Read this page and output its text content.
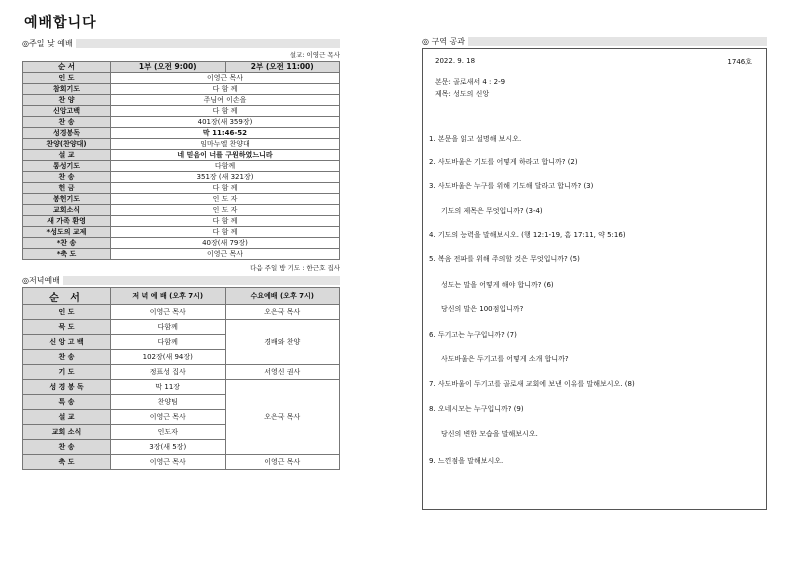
예배합니다
◎주일 낮 예배
설교: 이영근 목사
순 서	1부 (오전 9:00)	2부 (오전 11:00)
인 도	이영근 목사	
참회기도	다 함 께	
찬 양	주님여 이손을	
신앙고백	다 함 께	
찬 송	401장(새 359장)	
성경봉독	막 11:46-52	
찬양(찬양대)	임마누엘 찬양대	
설 교	네 믿음이 너를 구원하였느니라	
통성기도	다함께	
찬 송	351장 (새 321장)	
헌 금	다 함 께	
봉헌기도	인 도 자	
교회소식	인 도 자	
새 가족 환영	다 함 께	
*성도의 교제	다 함 께	
*찬 송	40장(새 79장)	
*축 도	이영근 목사	
다음 주일 방 기도 : 한근호 집사
◎저녁예배
순 서	저 녁 예 배 (오후 7시)	수요예배 (오후 7시)
인 도	이영근 목사	오은국 목사
묵 도	다함께	경배와 찬양
신 앙 고 백	다함께	
찬 송	102장(새 94장)	
기 도	정표성 집사	서영신 권사
성 경 봉 독	막 11장	오은국 목사
특 송	찬양팀	
설 교	이영근 목사	
교회 소식	인도자	
찬 송	3장(새 5장)	
축 도	이영근 목사	이영근 목사
◎ 구역 공과
2022. 9. 18	1746호
본문: 골로새서 4 : 2-9
제목: 성도의 신앙
1. 본문을 읽고 설명해 보시오.
2. 사도바울은 기도를 어떻게 하라고 합니까? (2)
3. 사도바울은 누구를 위해 기도해 달라고 합니까? (3)
기도의 제목은 무엇입니까? (3-4)
4. 기도의 능력을 말해보시오. (행 12:1-19, 흠 17:11, 약 5:16)
5. 복음 전파를 위해 주의할 것은 무엇입니까? (5)
성도는 말을 어떻게 해야 합니까? (6)
당신의 말은 100점입니까?
6. 두기고는 누구입니까? (7)
사도바울은 두기고를 어떻게 소개 합니까?
7. 사도바울이 두기고를 골로새 교회에 보낸 이유를 말해보시오. (8)
8. 오네시모는 누구입니까? (9)
당신의 변한 모습을 말해보시오.
9. 느낀점을 말해보시오.
